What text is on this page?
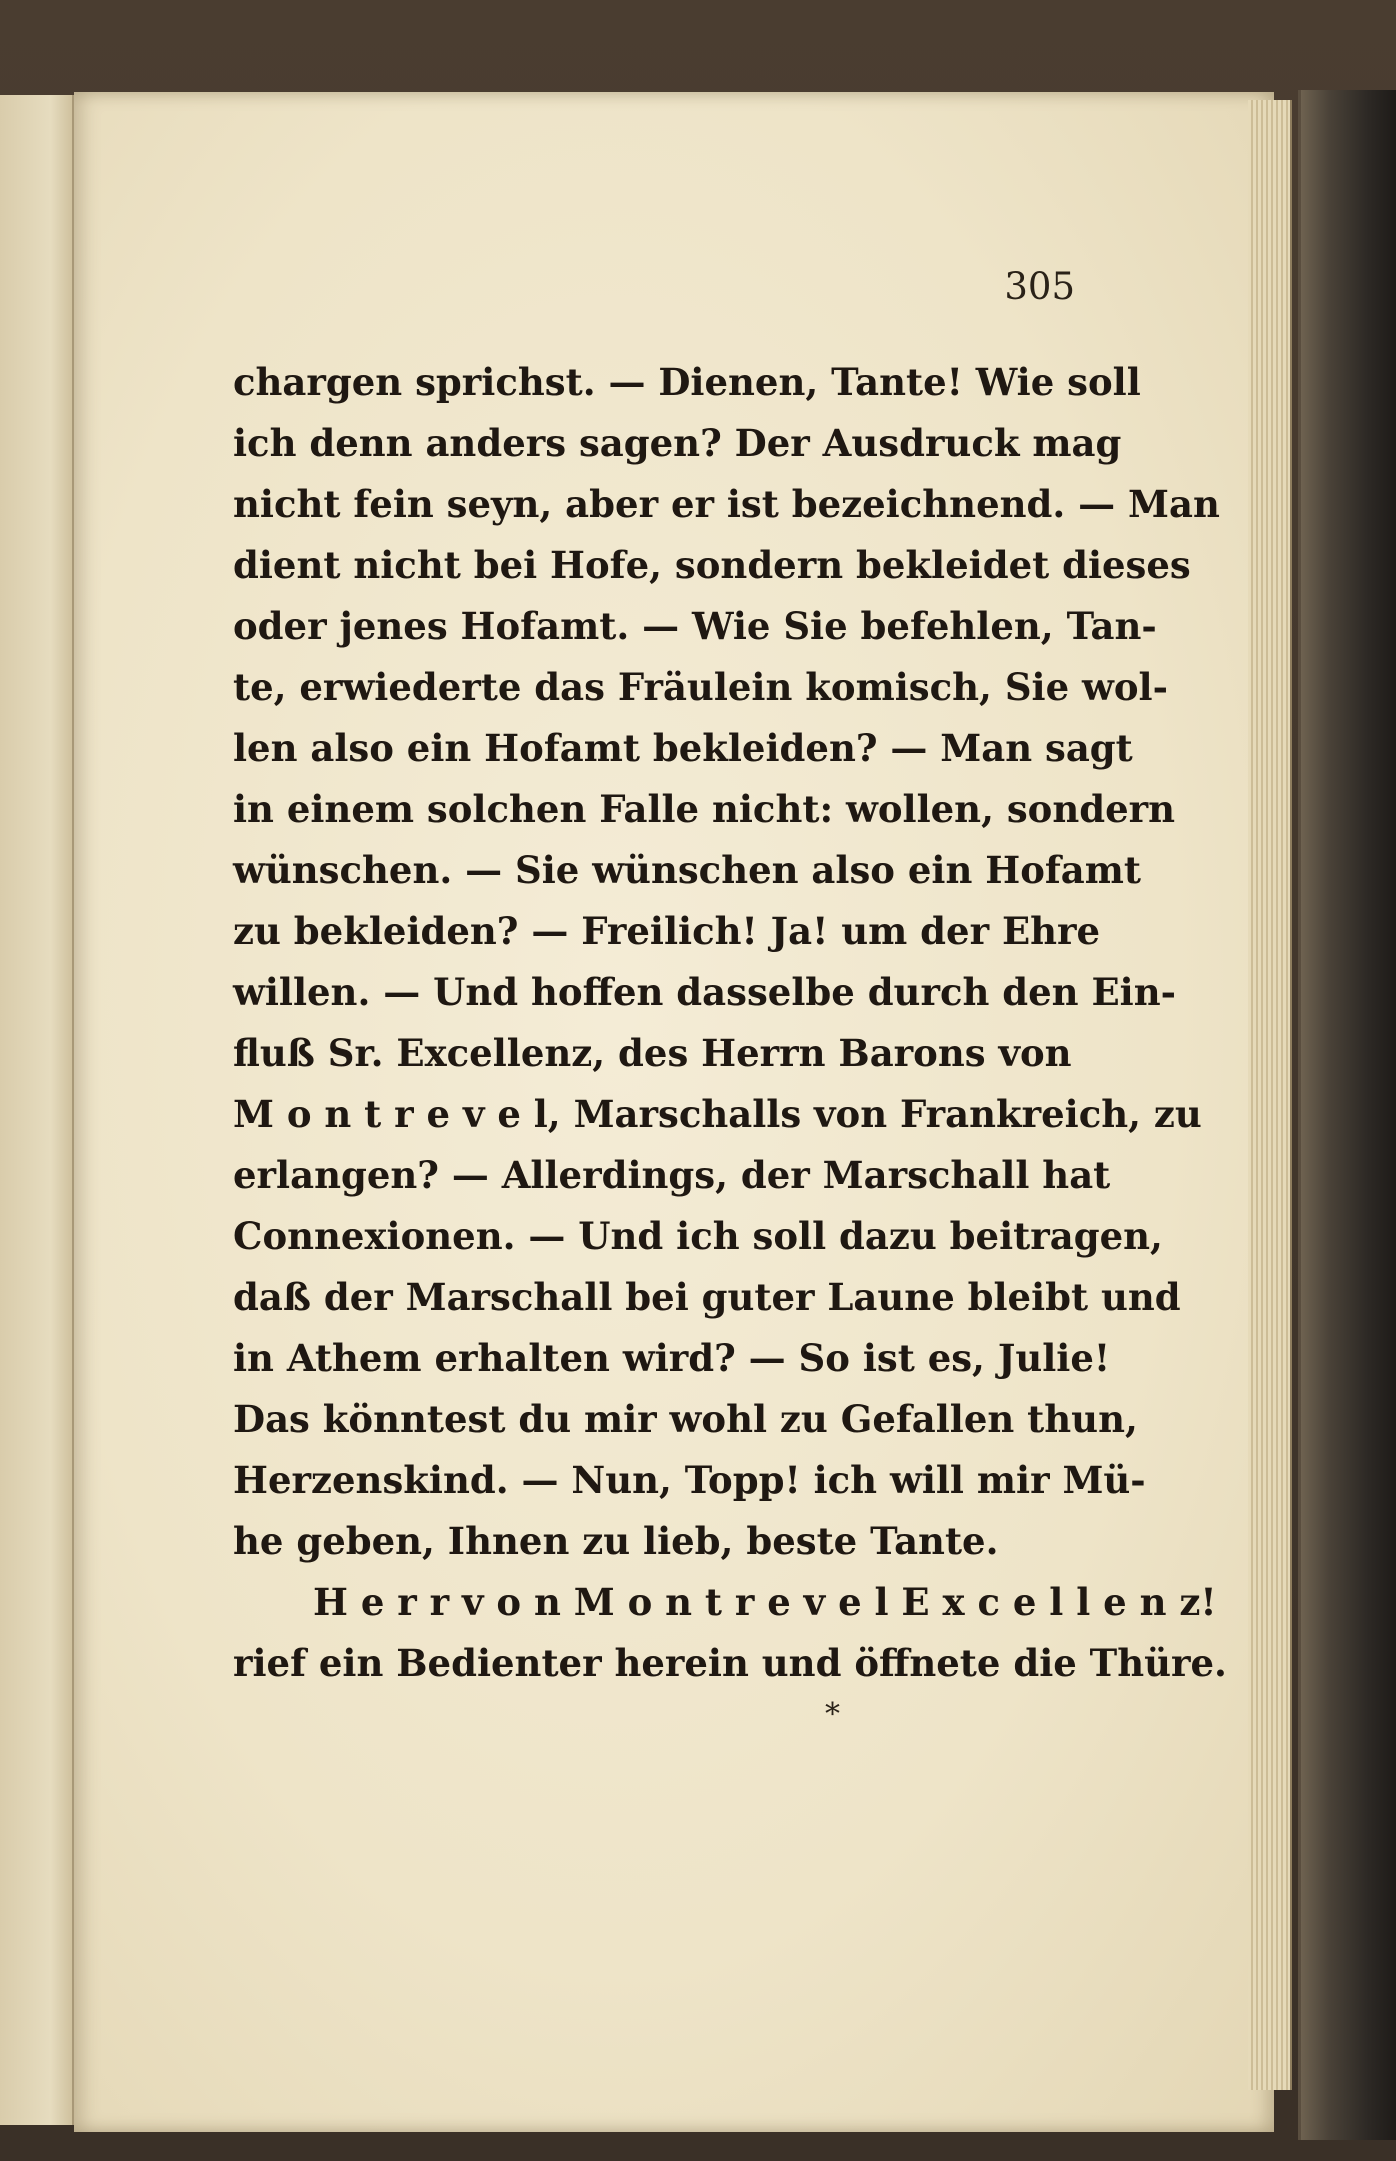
305
chargen sprichst. — Dienen, Tante! Wie soll
ich denn anders sagen? Der Ausdruck mag
nicht fein seyn, aber er ist bezeichnend. — Man
dient nicht bei Hofe, sondern bekleidet dieses
oder jenes Hofamt. — Wie Sie befehlen, Tan-
te, erwiederte das Fräulein komisch, Sie wol-
len also ein Hofamt bekleiden? — Man sagt
in einem solchen Falle nicht: wollen, sondern
wünschen. — Sie wünschen also ein Hofamt
zu bekleiden? — Freilich! Ja! um der Ehre
willen. — Und hoffen dasselbe durch den Ein-
fluß Sr. Excellenz, des Herrn Barons von
M o n t r e v e l, Marschalls von Frankreich, zu
erlangen? — Allerdings, der Marschall hat
Connexionen. — Und ich soll dazu beitragen,
daß der Marschall bei guter Laune bleibt und
in Athem erhalten wird? — So ist es, Julie!
Das könntest du mir wohl zu Gefallen thun,
Herzenskind. — Nun, Topp! ich will mir Mü-
he geben, Ihnen zu lieb, beste Tante.
H e r r v o n M o n t r e v e l E x c e l l e n z!
rief ein Bedienter herein und öffnete die Thüre.
*
